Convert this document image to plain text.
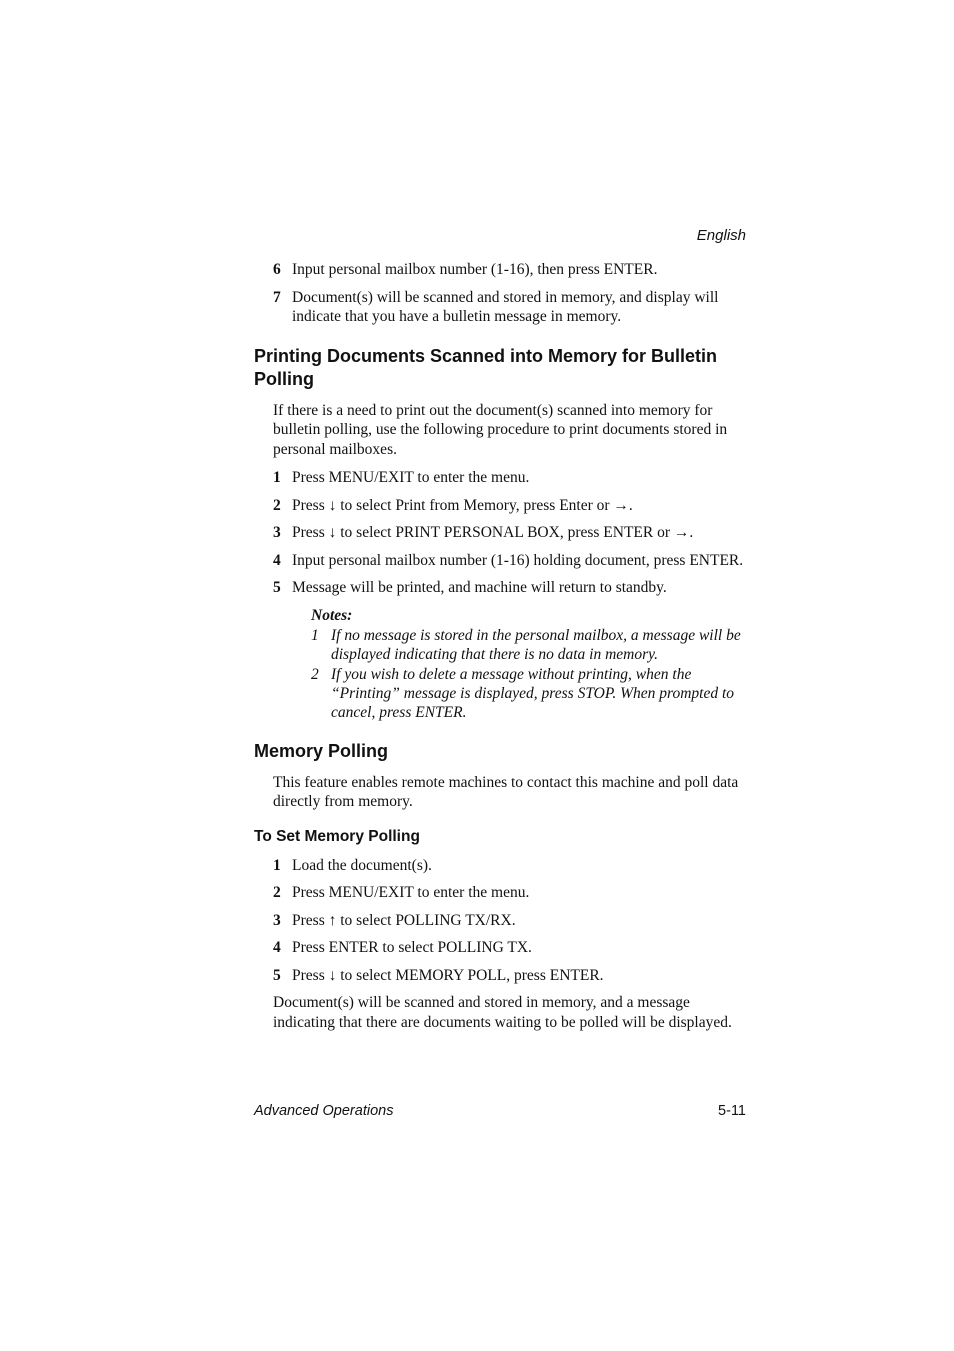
English
6 Input personal mailbox number (1-16), then press ENTER.
7 Document(s) will be scanned and stored in memory, and display will indicate that you have a bulletin message in memory.
Printing Documents Scanned into Memory for Bulletin Polling
If there is a need to print out the document(s) scanned into memory for bulletin polling, use the following procedure to print documents stored in personal mailboxes.
1 Press MENU/EXIT to enter the menu.
2 Press ↓ to select Print from Memory, press Enter or →.
3 Press ↓ to select PRINT PERSONAL BOX, press ENTER or →.
4 Input personal mailbox number (1-16) holding document, press ENTER.
5 Message will be printed, and machine will return to standby.
Notes:
1 If no message is stored in the personal mailbox, a message will be displayed indicating that there is no data in memory.
2 If you wish to delete a message without printing, when the “Printing” message is displayed, press STOP. When prompted to cancel, press ENTER.
Memory Polling
This feature enables remote machines to contact this machine and poll data directly from memory.
To Set Memory Polling
1 Load the document(s).
2 Press MENU/EXIT to enter the menu.
3 Press ↑ to select POLLING TX/RX.
4 Press ENTER to select POLLING TX.
5 Press ↓ to select MEMORY POLL, press ENTER.
Document(s) will be scanned and stored in memory, and a message indicating that there are documents waiting to be polled will be displayed.
Advanced Operations	5-11
